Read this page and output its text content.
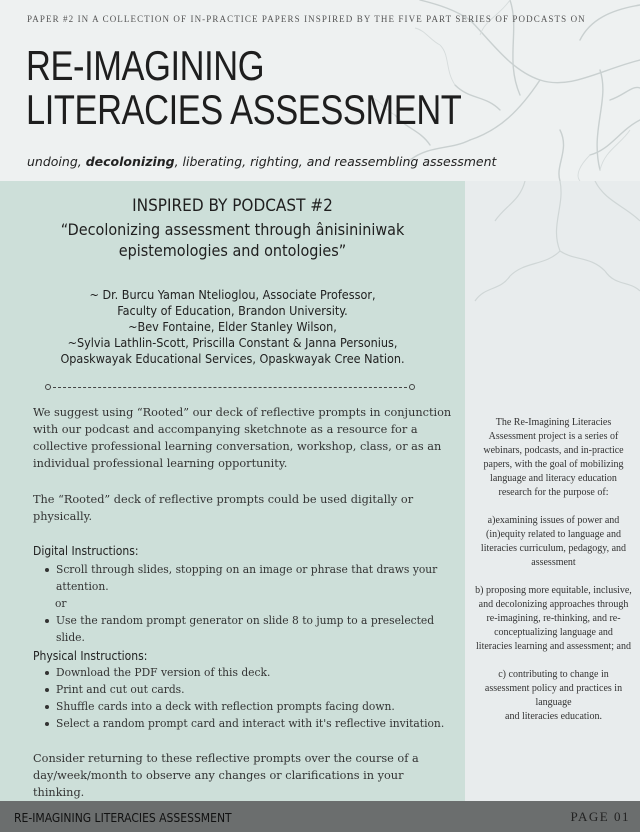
PAPER #2 IN A COLLECTION OF IN-PRACTICE PAPERS INSPIRED BY THE FIVE PART SERIES OF PODCASTS ON
RE-IMAGINING
LITERACIES ASSESSMENT
undoing, decolonizing, liberating, righting, and reassembling assessment
INSPIRED BY PODCAST #2
“Decolonizing assessment through ânisininiwak
epistemologies and ontologies”
~ Dr. Burcu Yaman Ntelioglou, Associate Professor,
Faculty of Education, Brandon University.
~Bev Fontaine, Elder Stanley Wilson,
~Sylvia Lathlin-Scott, Priscilla Constant & Janna Personius,
Opaskwayak Educational Services, Opaskwayak Cree Nation.
We suggest using “Rooted” our deck of reflective prompts in conjunction with our podcast and accompanying sketchnote as a resource for a collective professional learning conversation, workshop, class, or as an individual professional learning opportunity.
The “Rooted” deck of reflective prompts could be used digitally or physically.
Digital Instructions:
Scroll through slides, stopping on an image or phrase that draws your attention.
or
Use the random prompt generator on slide 8 to jump to a preselected slide.
Physical Instructions:
Download the PDF version of this deck.
Print and cut out cards.
Shuffle cards into a deck with reflection prompts facing down.
Select a random prompt card and interact with it's reflective invitation.
Consider returning to these reflective prompts over the course of a day/week/month to observe any changes or clarifications in your thinking.

The Re-Imagining Literacies Assessment project is a series of webinars, podcasts, and in-practice papers, with the goal of mobilizing language and literacy education research for the purpose of:

a)examining issues of power and (in)equity related to language and literacies curriculum, pedagogy, and assessment

b) proposing more equitable, inclusive, and decolonizing approaches through re-imagining, re-thinking, and re-conceptualizing language and literacies learning and assessment; and

c) contributing to change in assessment policy and practices in language
and literacies education.

RE-IMAGINING LITERACIES ASSESSMENT	PAGE 01
